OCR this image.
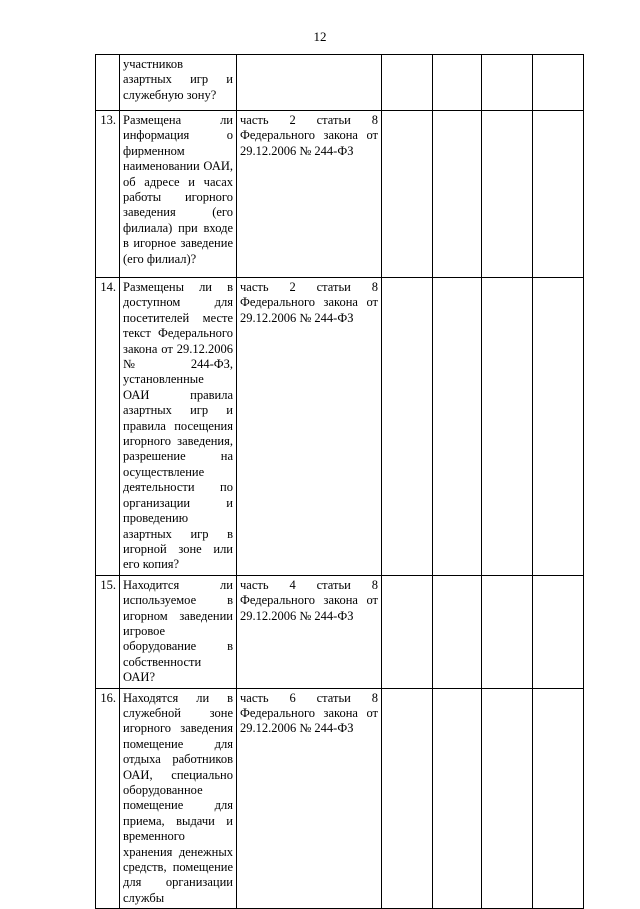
12
	участников азартных игр и служебную зону?					
13.	Размещена ли информация о фирменном наименовании ОАИ, об адресе и часах работы игорного заведения (его филиала) при входе в игорное заведение (его филиал)?	часть 2 статьи 8 Федерального закона от 29.12.2006 № 244-ФЗ				
14.	Размещены ли в доступном для посетителей месте текст Федерального закона от 29.12.2006 № 244-ФЗ, установленные ОАИ правила азартных игр и правила посещения игорного заведения, разрешение на осуществление деятельности по организации и проведению азартных игр в игорной зоне или его копия?	часть 2 статьи 8 Федерального закона от 29.12.2006 № 244-ФЗ				
15.	Находится ли используемое в игорном заведении игровое оборудование в собственности ОАИ?	часть 4 статьи 8 Федерального закона от 29.12.2006 № 244-ФЗ				
16.	Находятся ли в служебной зоне игорного заведения помещение для отдыха работников ОАИ, специально оборудованное помещение для приема, выдачи и временного хранения денежных средств, помещение для организации службы	часть 6 статьи 8 Федерального закона от 29.12.2006 № 244-ФЗ				
